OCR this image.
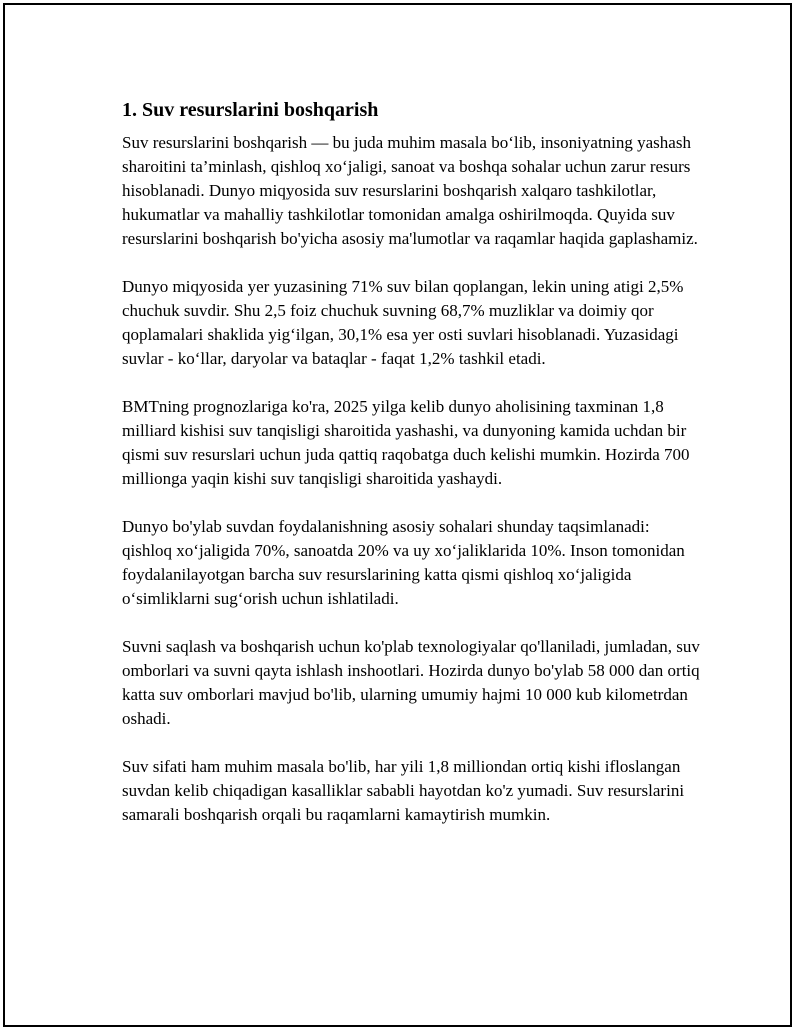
1. Suv resurslarini boshqarish

Suv resurslarini boshqarish — bu juda muhim masala bo‘lib, insoniyatning yashash sharoitini ta’minlash, qishloq xo‘jaligi, sanoat va boshqa sohalar uchun zarur resurs hisoblanadi. Dunyo miqyosida suv resurslarini boshqarish xalqaro tashkilotlar, hukumatlar va mahalliy tashkilotlar tomonidan amalga oshirilmoqda. Quyida suv resurslarini boshqarish bo'yicha asosiy ma'lumotlar va raqamlar haqida gaplashamiz.

Dunyo miqyosida yer yuzasining 71% suv bilan qoplangan, lekin uning atigi 2,5% chuchuk suvdir. Shu 2,5 foiz chuchuk suvning 68,7% muzliklar va doimiy qor qoplamalari shaklida yig‘ilgan, 30,1% esa yer osti suvlari hisoblanadi. Yuzasidagi suvlar - ko‘llar, daryolar va bataqlar - faqat 1,2% tashkil etadi.

BMTning prognozlariga ko'ra, 2025 yilga kelib dunyo aholisining taxminan 1,8 milliard kishisi suv tanqisligi sharoitida yashashi, va dunyoning kamida uchdan bir qismi suv resurslari uchun juda qattiq raqobatga duch kelishi mumkin. Hozirda 700 millionga yaqin kishi suv tanqisligi sharoitida yashaydi.

Dunyo bo'ylab suvdan foydalanishning asosiy sohalari shunday taqsimlanadi: qishloq xo‘jaligida 70%, sanoatda 20% va uy xo‘jaliklarida 10%. Inson tomonidan foydalanilayotgan barcha suv resurslarining katta qismi qishloq xo‘jaligida o‘simliklarni sug‘orish uchun ishlatiladi.

Suvni saqlash va boshqarish uchun ko'plab texnologiyalar qo'llaniladi, jumladan, suv omborlari va suvni qayta ishlash inshootlari. Hozirda dunyo bo'ylab 58 000 dan ortiq katta suv omborlari mavjud bo'lib, ularning umumiy hajmi 10 000 kub kilometrdan oshadi.

Suv sifati ham muhim masala bo'lib, har yili 1,8 milliondan ortiq kishi ifloslangan suvdan kelib chiqadigan kasalliklar sababli hayotdan ko'z yumadi. Suv resurslarini samarali boshqarish orqali bu raqamlarni kamaytirish mumkin.
